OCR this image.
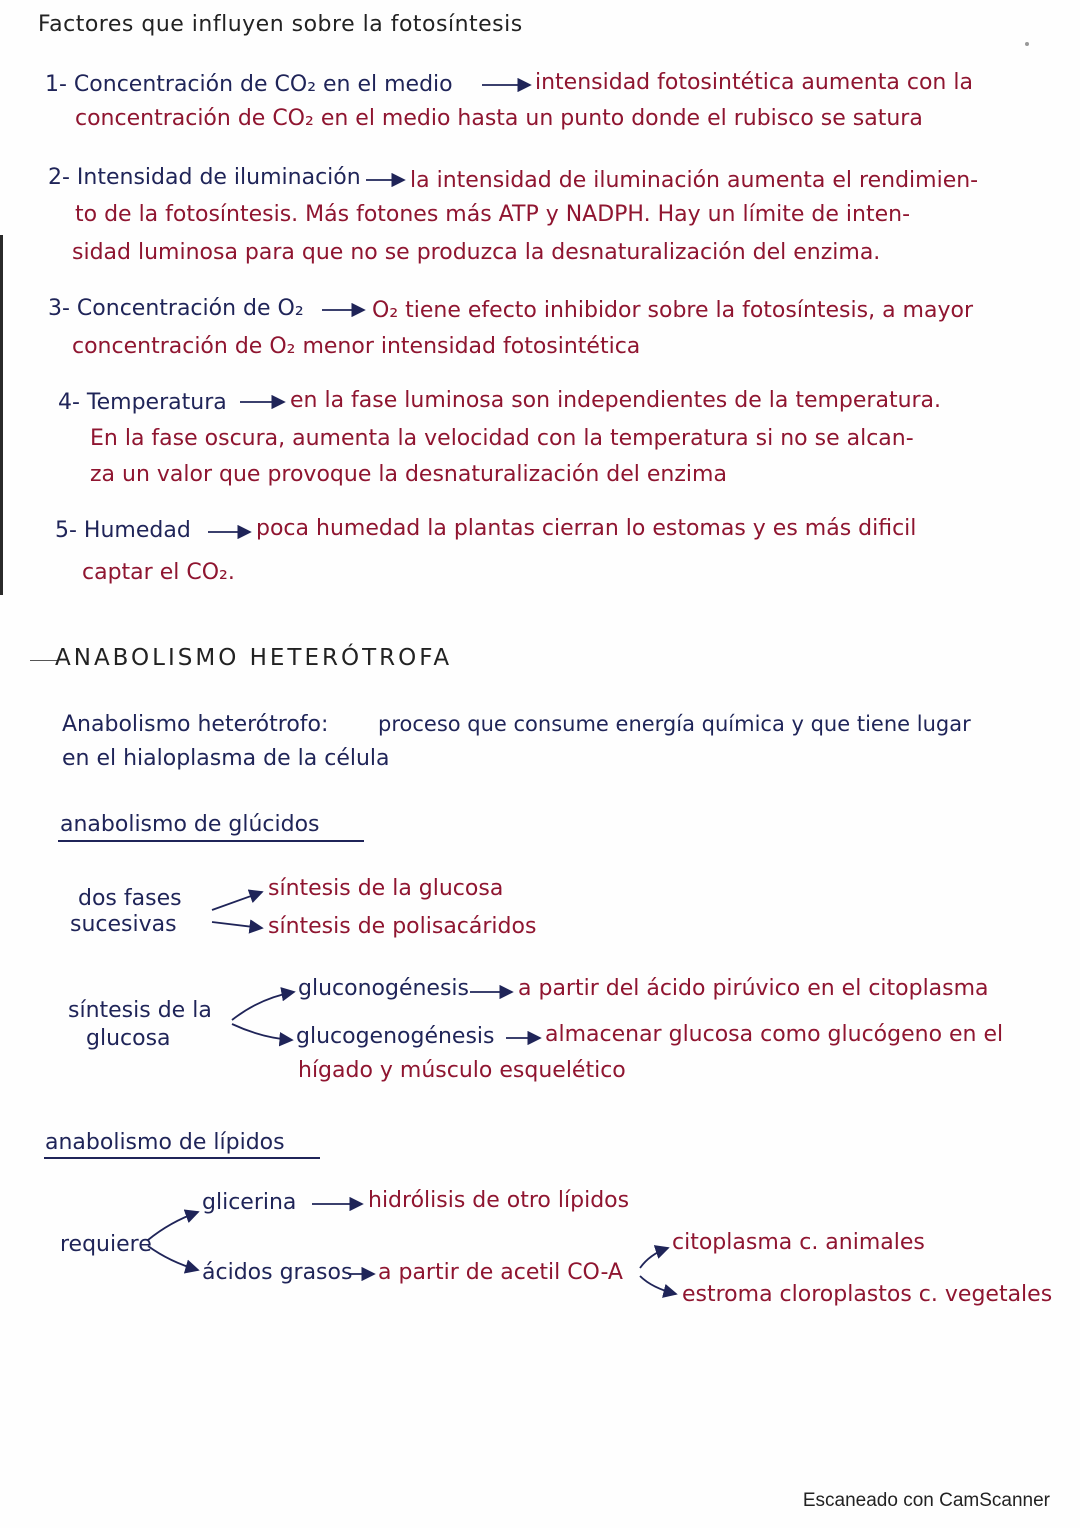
Factores que influyen sobre la fotosíntesis
1- Concentración de CO₂ en el medio	intensidad fotosintética aumenta con la
concentración de CO₂ en el medio hasta un punto donde el rubisco se satura
2- Intensidad de iluminación la intensidad de iluminación aumenta el rendimien-
to de la fotosíntesis. Más fotones más ATP y NADPH. Hay un límite de inten-
sidad luminosa para que no se produzca la desnaturalización del enzima.
3- Concentración de O₂	O₂ tiene efecto inhibidor sobre la fotosíntesis, a mayor
concentración de O₂ menor intensidad fotosintética
4- Temperatura	en la fase luminosa son independientes de la temperatura.
En la fase oscura, aumenta la velocidad con la temperatura si no se alcan-
za un valor que provoque la desnaturalización del enzima
5- Humedad	poca humedad la plantas cierran lo estomas y es más dificil
captar el CO₂.
ANABOLISMO HETERÓTROFA
Anabolismo heterótrofo: proceso que consume energía química y que tiene lugar
en el hialoplasma de la célula
anabolismo de glúcidos
dos fases
sucesivas
síntesis de la glucosa
síntesis de polisacáridos
síntesis de la
glucosa
gluconogénesis a partir del ácido pirúvico en el citoplasma
glucogenogénesis almacenar glucosa como glucógeno en el
hígado y músculo esquelético
anabolismo de lípidos
requiere
glicerina	hidrólisis de otro lípidos
ácidos grasos a partir de acetil CO-A
citoplasma c. animales
estroma cloroplastos c. vegetales
Escaneado con CamScanner
